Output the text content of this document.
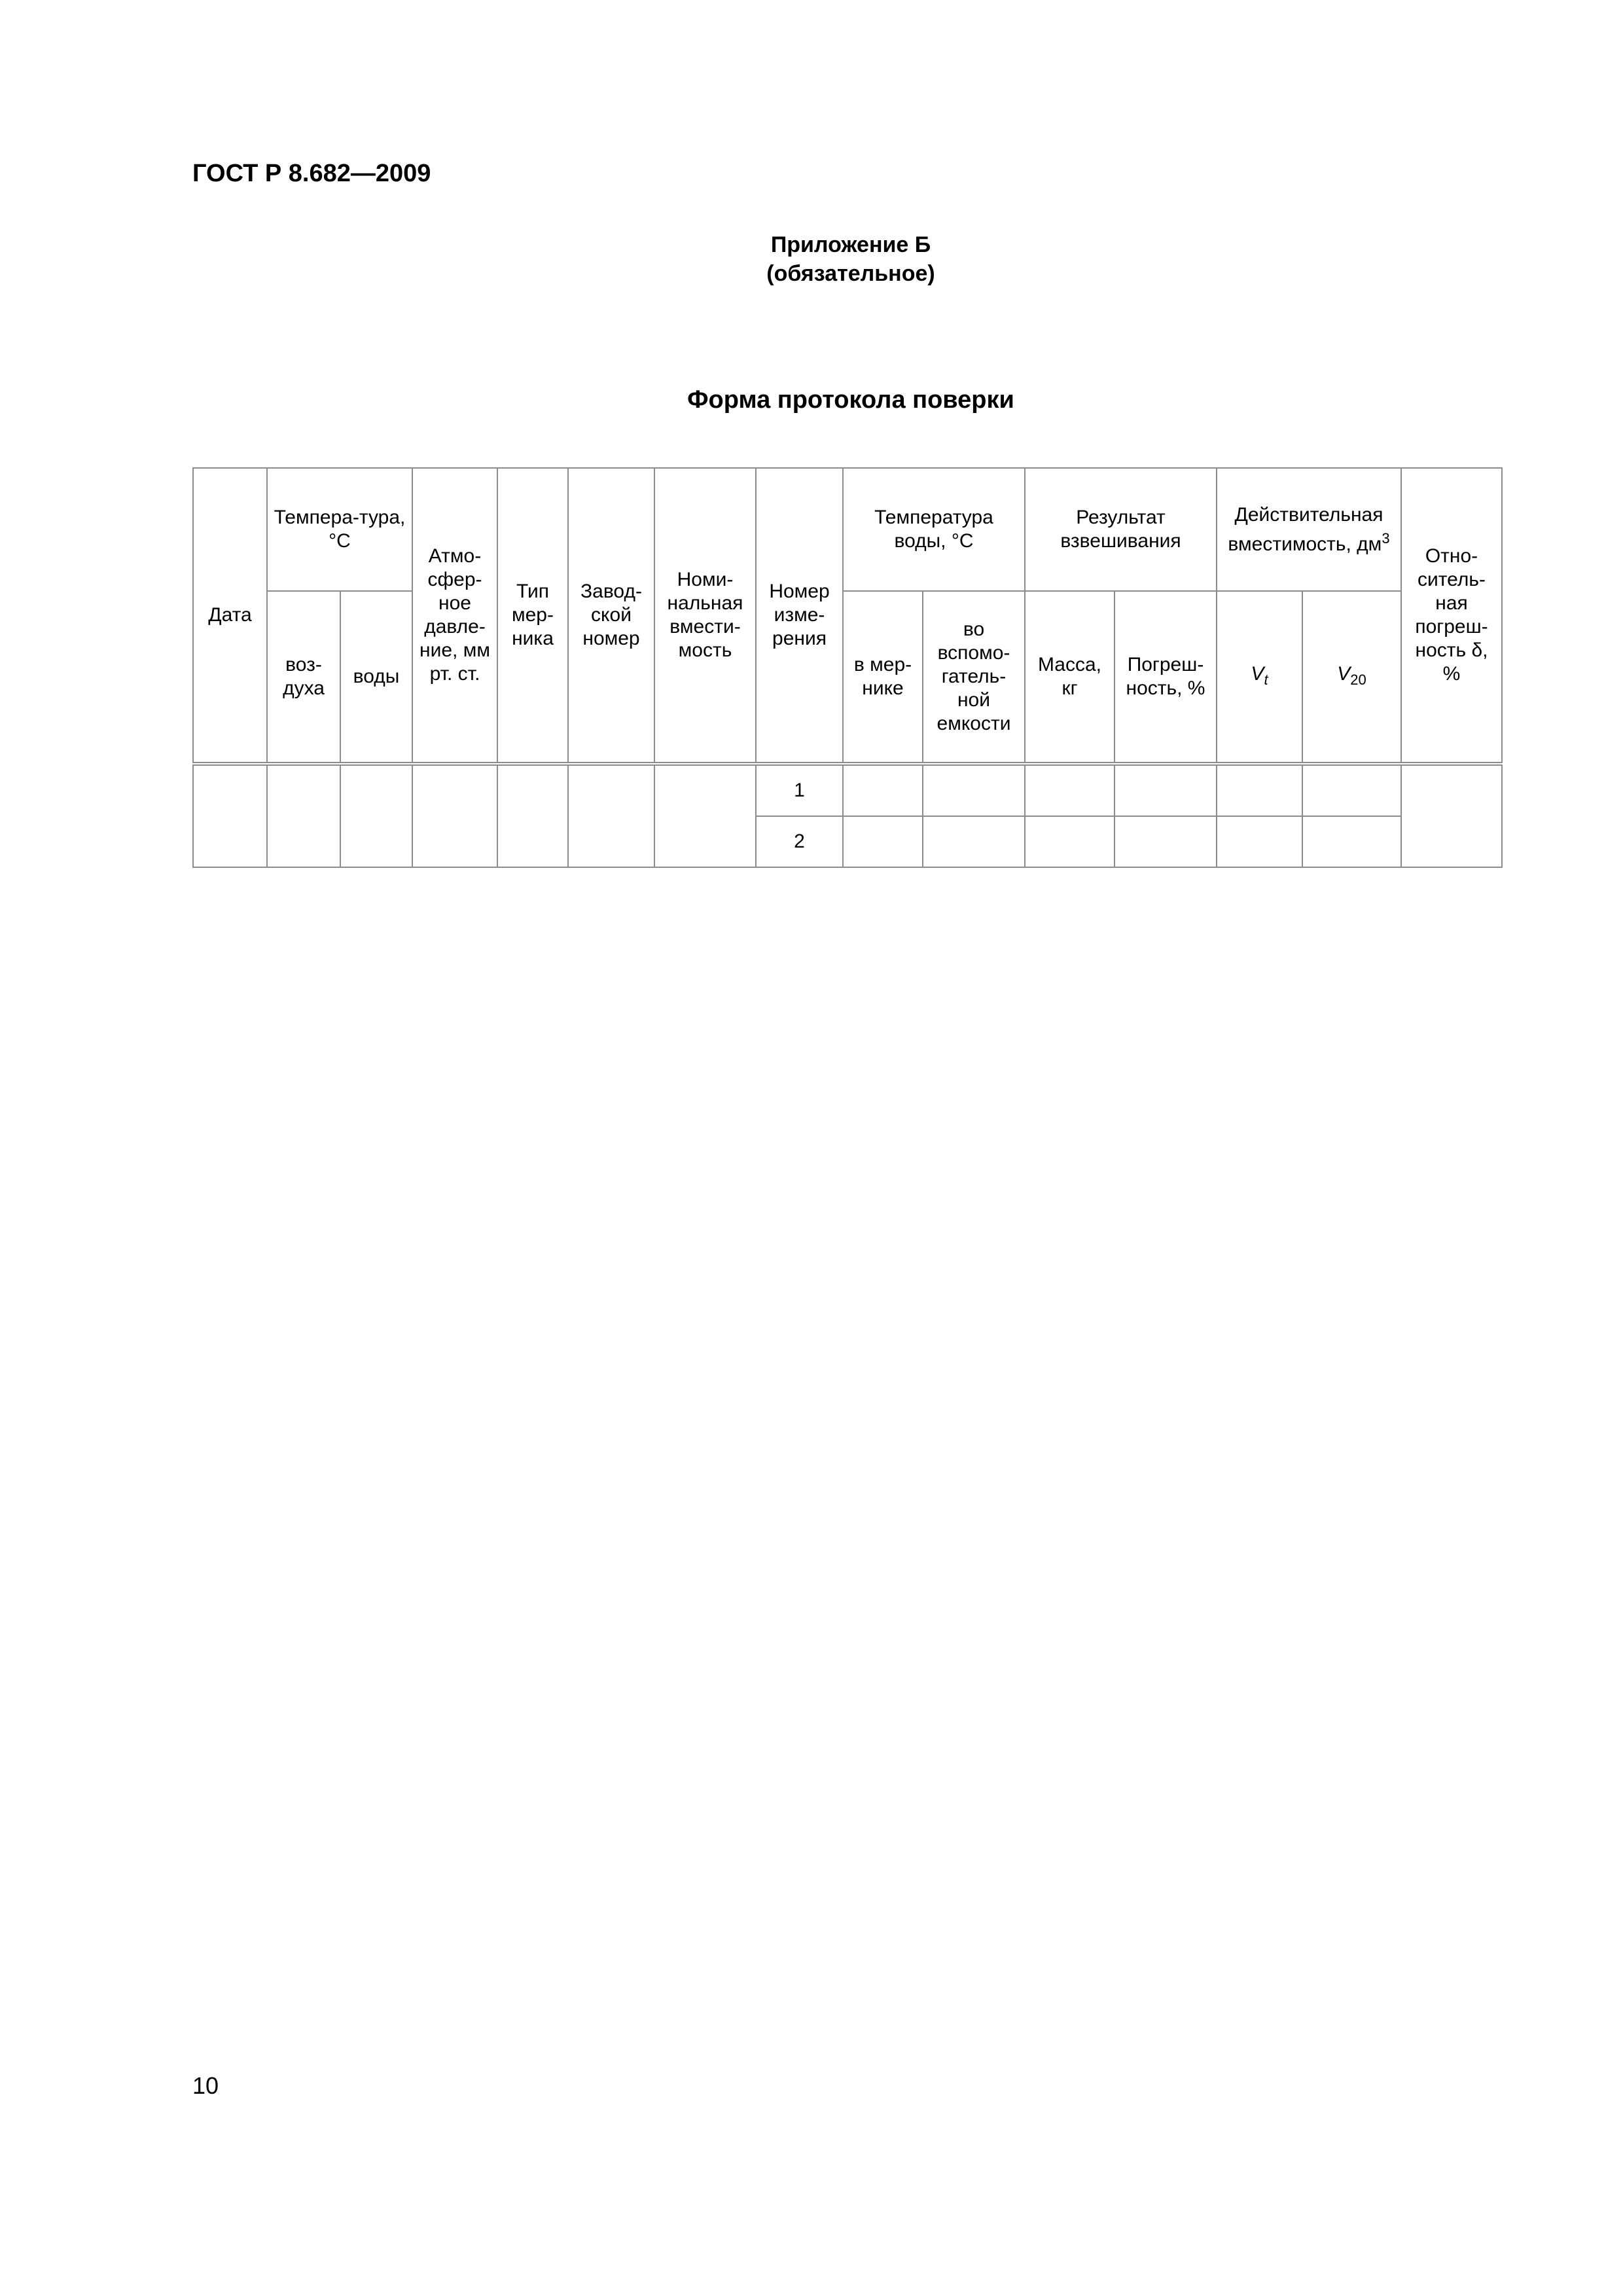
ГОСТ Р 8.682—2009
Приложение Б
(обязательное)
Форма протокола поверки
Дата	Темпера-тура, °С		Атмо-сфер-ное давле-ние, мм рт. ст.	Тип мер-ника	Завод-ской номер	Номи-нальная вмести-мость	Номер изме-рения	Температура воды, °С		Результат взвешивания		Действительная вместимость, $дм^3$		Отно-ситель-ная погреш-ность δ, %
	воз-духа	воды						в мер-нике	во вспомо-гатель-ной емкости	Масса, кг	Погреш-ность, %	$V_t$	$V_{20}$
							1							
							2							
10
